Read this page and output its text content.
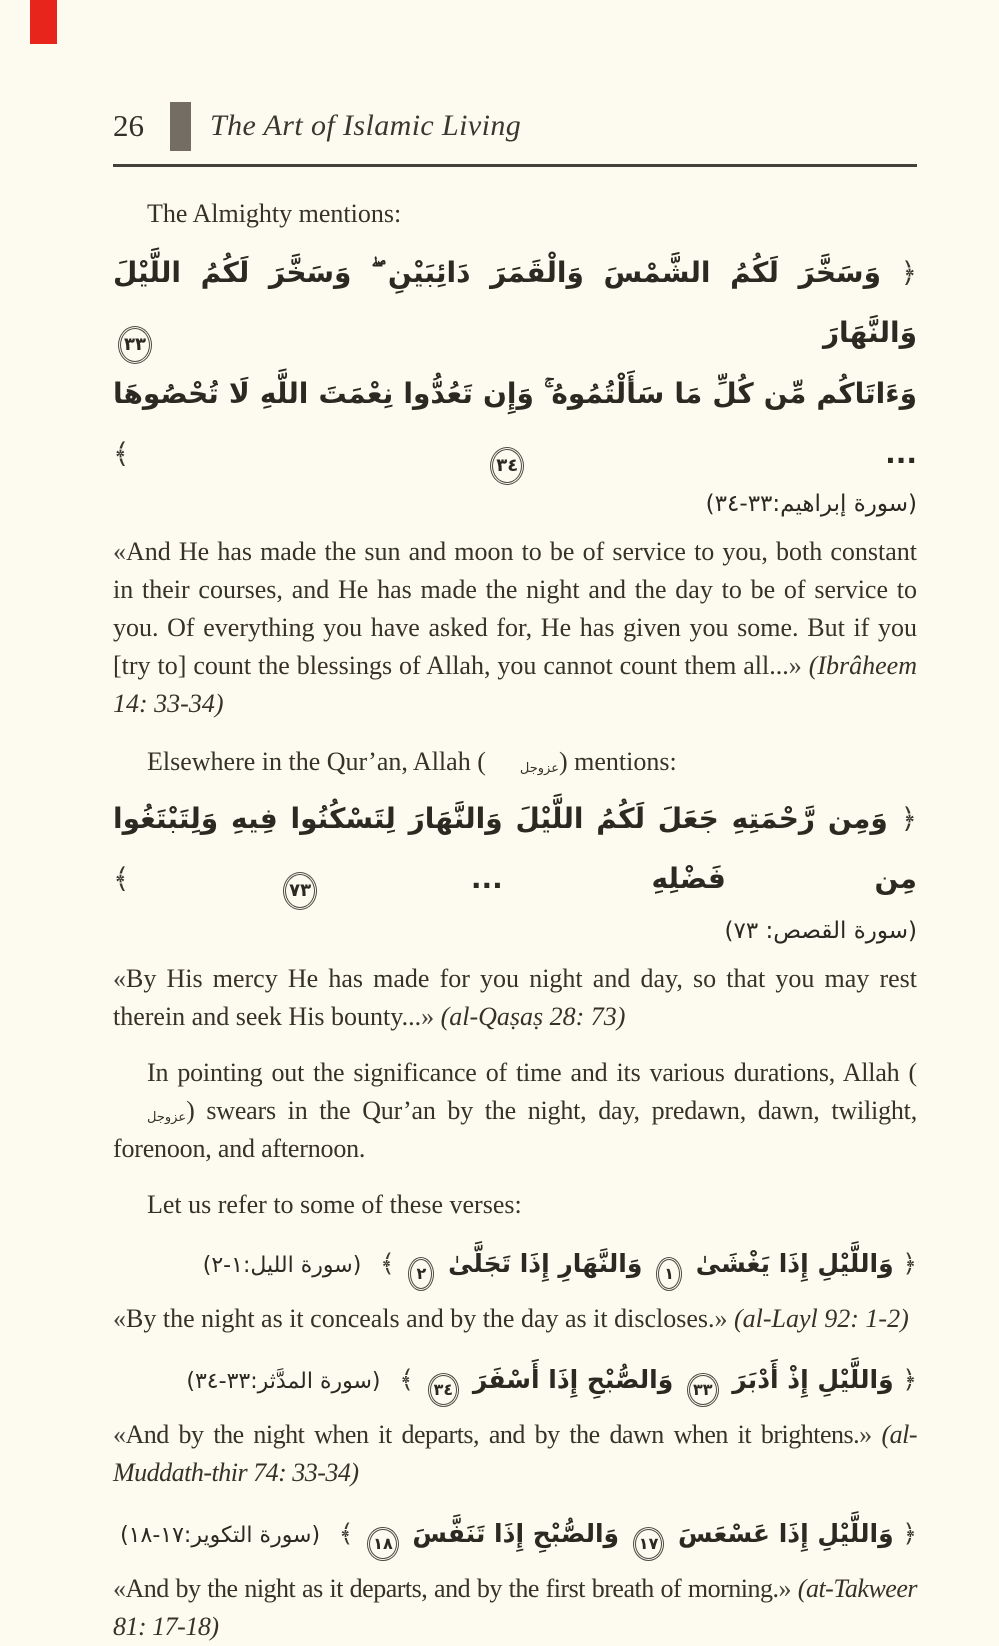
26 The Art of Islamic Living

The Almighty mentions:

﴿ وَسَخَّرَ لَكُمُ الشَّمْسَ وَالْقَمَرَ دَائِبَيْنِ ۖ وَسَخَّرَ لَكُمُ اللَّيْلَ وَالنَّهَارَ ٣٣
وَءَاتَاكُم مِّن كُلِّ مَا سَأَلْتُمُوهُ ۚ وَإِن تَعُدُّوا نِعْمَتَ اللَّهِ لَا تُحْصُوهَا ... ٣٤ ﴾
(سورة إبراهيم:٣٣-٣٤)

«And He has made the sun and moon to be of service to you, both constant in their courses, and He has made the night and the day to be of service to you. Of everything you have asked for, He has given you some. But if you [try to] count the blessings of Allah, you cannot count them all...» (Ibrâheem 14: 33-34)

Elsewhere in the Qur’an, Allah (	عزوجل) mentions:

﴿ وَمِن رَّحْمَتِهِ جَعَلَ لَكُمُ اللَّيْلَ وَالنَّهَارَ لِتَسْكُنُوا فِيهِ وَلِتَبْتَغُوا مِن فَضْلِهِ ... ٧٣ ﴾
(سورة القصص: ٧٣)

«By His mercy He has made for you night and day, so that you may rest therein and seek His bounty...» (al-Qaṣaṣ 28: 73)

In pointing out the significance of time and its various durations, Allah (عزوجل) swears in the Qur’an by the night, day, predawn, dawn, twilight, forenoon, and afternoon.

Let us refer to some of these verses:

﴿ وَاللَّيْلِ إِذَا يَغْشَىٰ ١ وَالنَّهَارِ إِذَا تَجَلَّىٰ ٢ ﴾ (سورة الليل:١-٢)

«By the night as it conceals and by the day as it discloses.» (al-Layl 92: 1-2)

﴿ وَاللَّيْلِ إِذْ أَدْبَرَ ٣٣ وَالصُّبْحِ إِذَا أَسْفَرَ ٣٤ ﴾ (سورة المدَّثر:٣٣-٣٤)

«And by the night when it departs, and by the dawn when it brightens.» (al-Muddath-thir 74: 33-34)

﴿ وَاللَّيْلِ إِذَا عَسْعَسَ ١٧ وَالصُّبْحِ إِذَا تَنَفَّسَ ١٨ ﴾ (سورة التكوير:١٧-١٨)

«And by the night as it departs, and by the first breath of morning.» (at-Takweer 81: 17-18)
